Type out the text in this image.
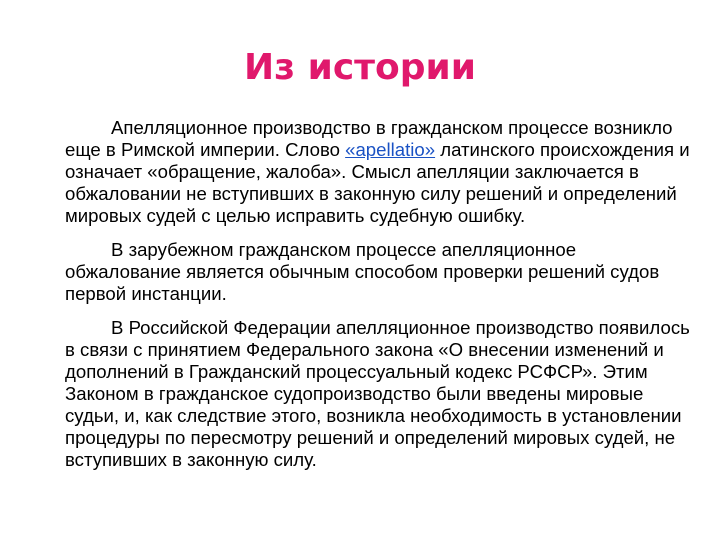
Из истории

Апелляционное производство в гражданском процессе возникло еще в Римской империи. Слово «apellatio» латинского происхождения и означает «обращение, жалоба». Смысл апелляции заключается в обжаловании не вступивших в законную силу решений и определений мировых судей с целью исправить судебную ошибку.

В зарубежном гражданском процессе апелляционное обжалование является обычным способом проверки решений судов первой инстанции.

В Российской Федерации апелляционное производство появилось в связи с принятием Федерального закона «О внесении изменений и дополнений в Гражданский процессуальный кодекс РСФСР». Этим Законом в гражданское судопроизводство были введены мировые судьи, и, как следствие этого, возникла необходимость в установлении процедуры по пересмотру решений и определений мировых судей, не вступивших в законную силу.
